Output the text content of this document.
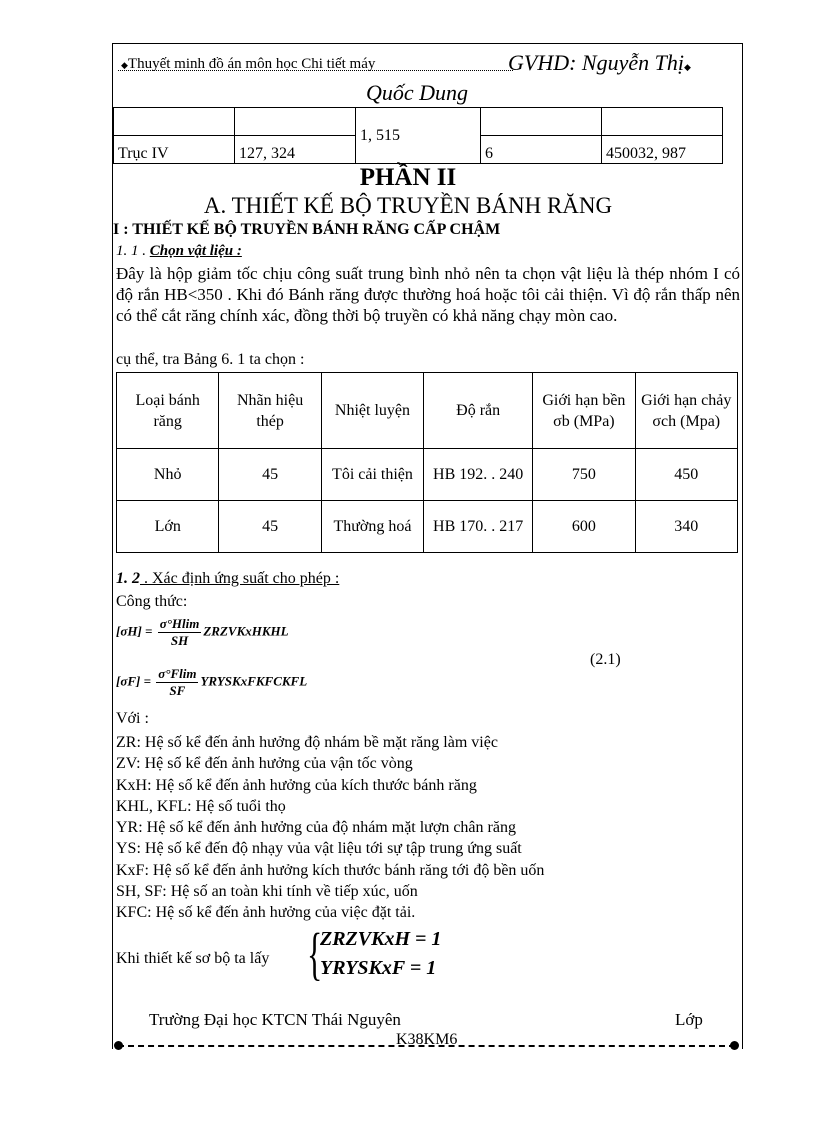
◆Thuyết minh đồ án môn học Chi tiết máy	GVHD: Nguyễn Thị◆
Quốc Dung
		1, 515		
Trục IV	127, 324		6	450032, 987
PHẦN II
A. THIẾT KẾ BỘ TRUYỀN BÁNH RĂNG
I : THIẾT KẾ BỘ TRUYỀN BÁNH RĂNG CẤP CHẬM
1. 1 . Chọn vật liệu :
Đây là hộp giảm tốc chịu công suất trung bình nhỏ nên ta chọn vật liệu là thép nhóm I có độ rắn HB<350 . Khi đó Bánh răng được thường hoá hoặc tôi cải thiện. Vì độ rắn thấp nên có thể cắt răng chính xác, đồng thời bộ truyền có khả năng chạy mòn cao.
cụ thể, tra Bảng 6. 1 ta chọn :
Loại bánh răng	Nhãn hiệu thép	Nhiệt luyện	Độ rắn	Giới hạn bền σb (MPa)	Giới hạn chảy σch (Mpa)
Nhỏ	45	Tôi cải thiện	HB 192. . 240	750	450
Lớn	45	Thường hoá	HB 170. . 217	600	340
1. 2 . Xác định ứng suất cho phép :
Công thức:
$[\sigma H] = \frac{\sigma^\circ Hlim}{SH}$ ZRZVKxHKHL
$[\sigma F] = \frac{\sigma^\circ Flim}{SF}$ YRYSKxFKFCKFL
(2.1)
Với :
ZR: Hệ số kể đến ảnh hưởng độ nhám bề mặt răng làm việc
ZV: Hệ số kể đến ảnh hưởng của vận tốc vòng
KxH: Hệ số kể đến ảnh hưởng của kích thước bánh răng
KHL, KFL: Hệ số tuổi thọ
YR: Hệ số kể đến ảnh hưởng của độ nhám mặt lượn chân răng
YS: Hệ số kể đến độ nhạy vủa vật liệu tới sự tập trung ứng suất
KxF: Hệ số kể đến ảnh hưởng kích thước bánh răng tới độ bền uốn
SH, SF: Hệ số an toàn khi tính về tiếp xúc, uốn
KFC: Hệ số kể đến ảnh hưởng của việc đặt tải.
Khi thiết kế sơ bộ ta lấy {
ZRZVKxH = 1
YRYSKxF = 1
Trường Đại học KTCN Thái Nguyên	Lớp
K38KM6
